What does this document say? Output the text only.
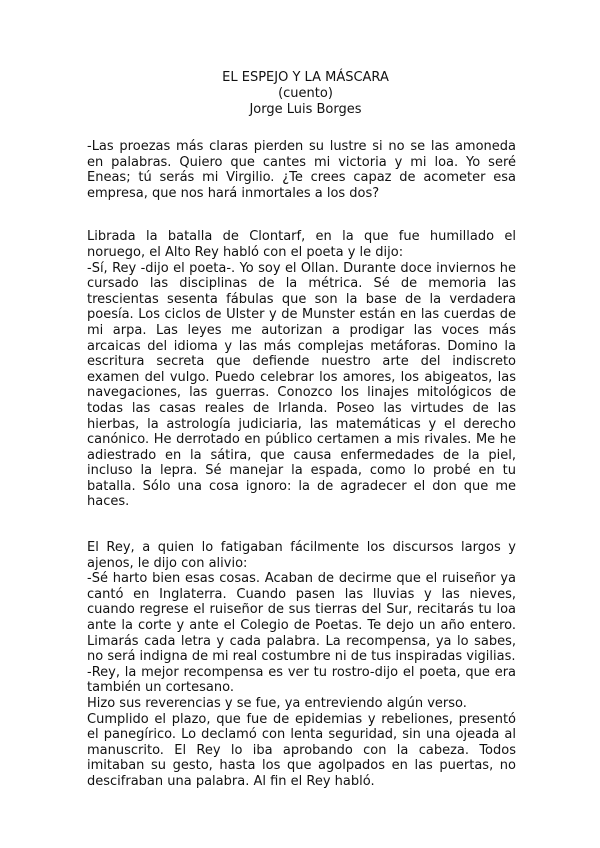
EL ESPEJO Y LA MÁSCARA
(cuento)
Jorge Luis Borges

-Las proezas más claras pierden su lustre si no se las amoneda en palabras. Quiero que cantes mi victoria y mi loa. Yo seré Eneas; tú serás mi Virgilio. ¿Te crees capaz de acometer esa empresa, que nos hará inmortales a los dos?

Librada la batalla de Clontarf, en la que fue humillado el noruego, el Alto Rey habló con el poeta y le dijo:

-Sí, Rey -dijo el poeta-. Yo soy el Ollan. Durante doce inviernos he cursado las disciplinas de la métrica. Sé de memoria las trescientas sesenta fábulas que son la base de la verdadera poesía. Los ciclos de Ulster y de Munster están en las cuerdas de mi arpa. Las leyes me autorizan a prodigar las voces más arcaicas del idioma y las más complejas metáforas. Domino la escritura secreta que defiende nuestro arte del indiscreto examen del vulgo. Puedo celebrar los amores, los abigeatos, las navegaciones, las guerras. Conozco los linajes mitológicos de todas las casas reales de Irlanda. Poseo las virtudes de las hierbas, la astrología judiciaria, las matemáticas y el derecho canónico. He derrotado en público certamen a mis rivales. Me he adiestrado en la sátira, que causa enfermedades de la piel, incluso la lepra. Sé manejar la espada, como lo probé en tu batalla. Sólo una cosa ignoro: la de agradecer el don que me haces.

El Rey, a quien lo fatigaban fácilmente los discursos largos y ajenos, le dijo con alivio:

-Sé harto bien esas cosas. Acaban de decirme que el ruiseñor ya cantó en Inglaterra. Cuando pasen las lluvias y las nieves, cuando regrese el ruiseñor de sus tierras del Sur, recitarás tu loa ante la corte y ante el Colegio de Poetas. Te dejo un año entero. Limarás cada letra y cada palabra. La recompensa, ya lo sabes, no será indigna de mi real costumbre ni de tus inspiradas vigilias.

-Rey, la mejor recompensa es ver tu rostro-dijo el poeta, que era también un cortesano.

Hizo sus reverencias y se fue, ya entreviendo algún verso.

Cumplido el plazo, que fue de epidemias y rebeliones, presentó el panegírico. Lo declamó con lenta seguridad, sin una ojeada al manuscrito. El Rey lo iba aprobando con la cabeza. Todos imitaban su gesto, hasta los que agolpados en las puertas, no descifraban una palabra. Al fin el Rey habló.
